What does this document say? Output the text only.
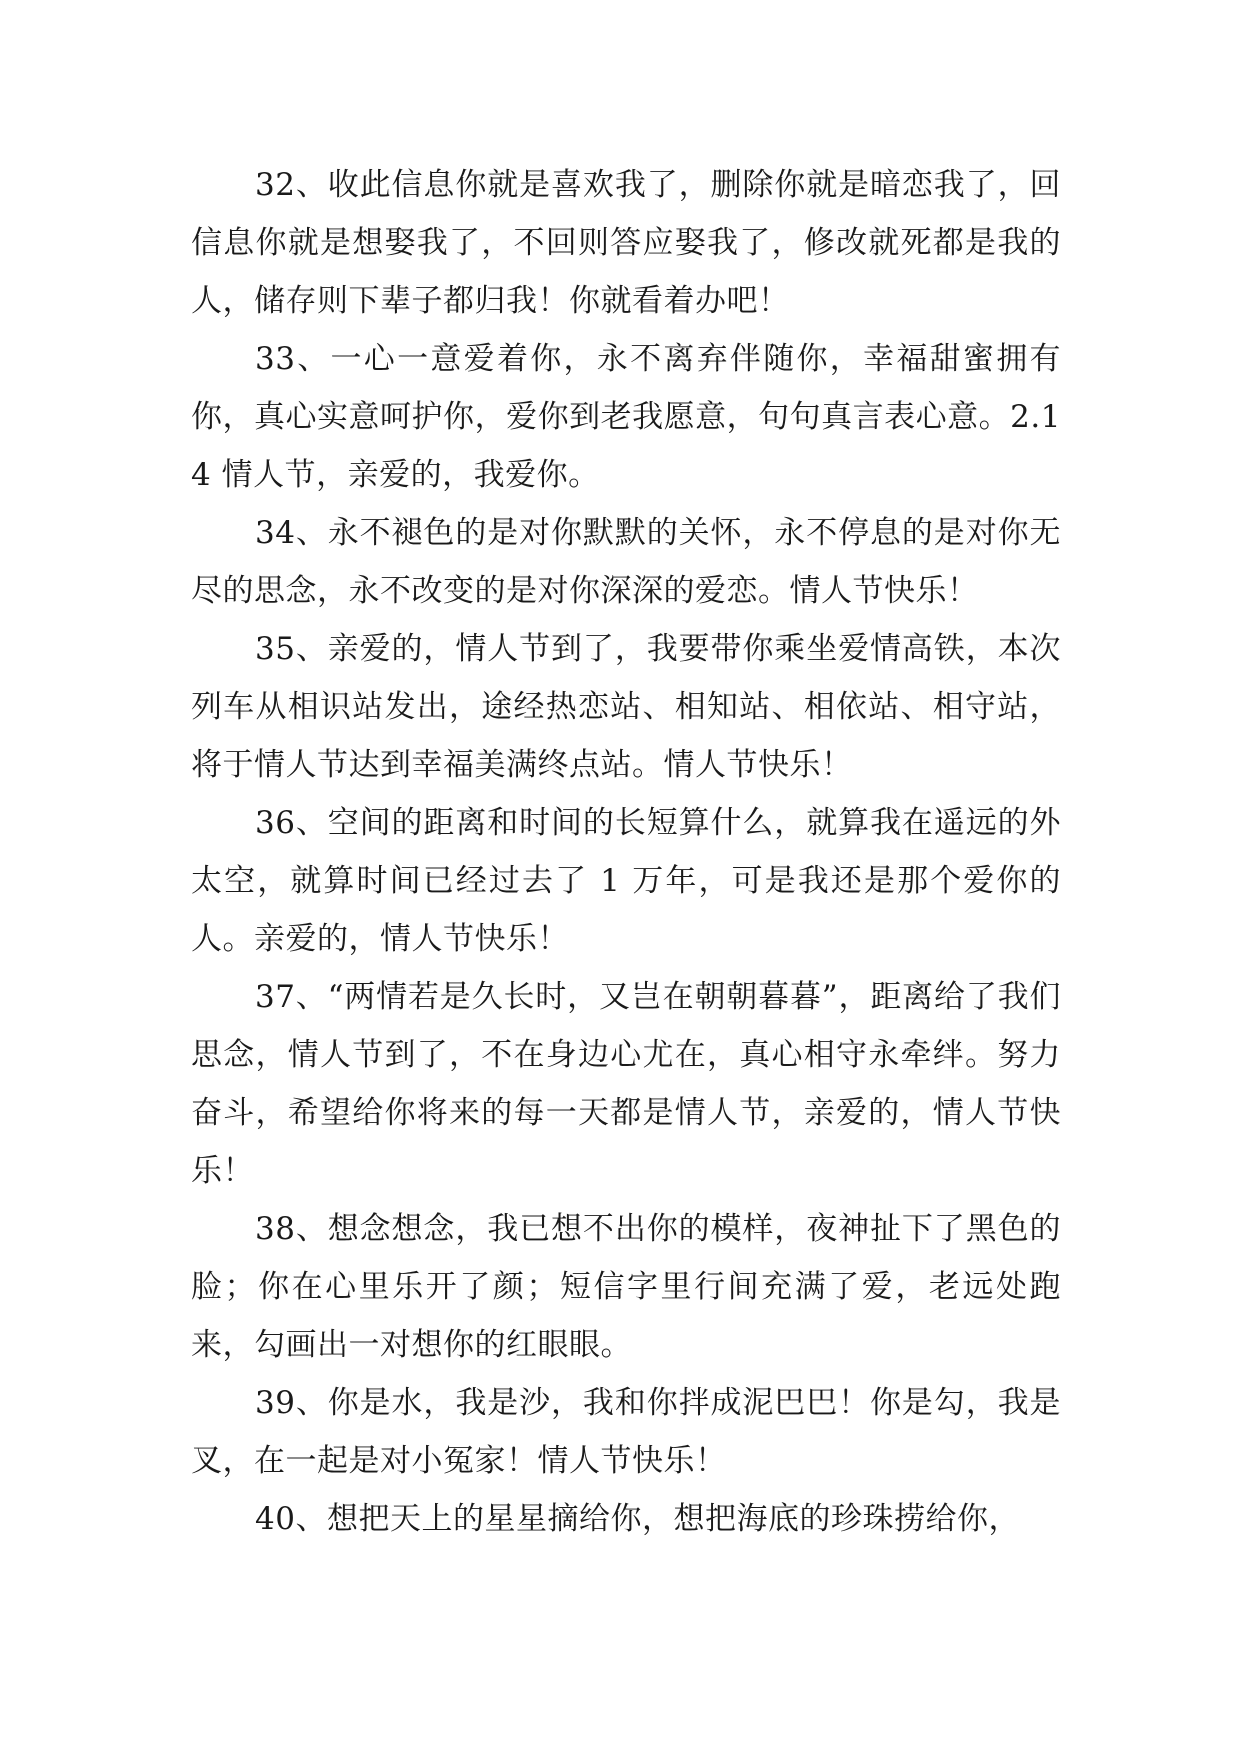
32、收此信息你就是喜欢我了，删除你就是暗恋我了，回信息你就是想娶我了，不回则答应娶我了，修改就死都是我的人，储存则下辈子都归我！你就看着办吧！

33、一心一意爱着你，永不离弃伴随你，幸福甜蜜拥有你，真心实意呵护你，爱你到老我愿意，句句真言表心意。2.14 情人节，亲爱的，我爱你。

34、永不褪色的是对你默默的关怀，永不停息的是对你无尽的思念，永不改变的是对你深深的爱恋。情人节快乐！

35、亲爱的，情人节到了，我要带你乘坐爱情高铁，本次列车从相识站发出，途经热恋站、相知站、相依站、相守站，将于情人节达到幸福美满终点站。情人节快乐！

36、空间的距离和时间的长短算什么，就算我在遥远的外太空，就算时间已经过去了 1 万年，可是我还是那个爱你的人。亲爱的，情人节快乐！

37、“两情若是久长时，又岂在朝朝暮暮”，距离给了我们思念，情人节到了，不在身边心尤在，真心相守永牵绊。努力奋斗，希望给你将来的每一天都是情人节，亲爱的，情人节快乐！

38、想念想念，我已想不出你的模样，夜神扯下了黑色的脸；你在心里乐开了颜；短信字里行间充满了爱，老远处跑来，勾画出一对想你的红眼眼。

39、你是水，我是沙，我和你拌成泥巴巴！你是勾，我是叉，在一起是对小冤家！情人节快乐！

40、想把天上的星星摘给你，想把海底的珍珠捞给你，
